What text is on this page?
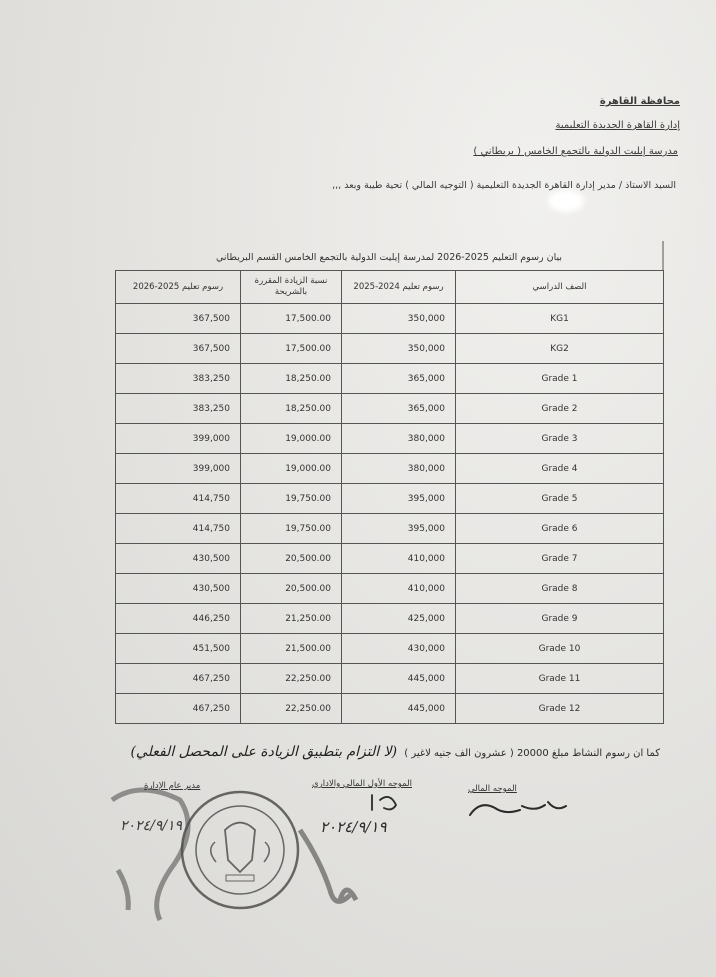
محافظة القاهرة
إدارة القاهرة الجديدة التعليمية
مدرسة إيليت الدولية بالتجمع الخامس ( بريطاني )
السيد الاستاذ / مدير إدارة القاهرة الجديدة التعليمية ( التوجيه المالي ) تحية طيبة وبعد ,,,
بيان رسوم التعليم 2025-2026 لمدرسة إيليت الدولية بالتجمع الخامس القسم البريطاني
رسوم تعليم 2025-2026	نسبة الزيادة المقررة بالشريحة	رسوم تعليم 2024-2025	الصف الدراسي
367,500	17,500.00	350,000	KG1
367,500	17,500.00	350,000	KG2
383,250	18,250.00	365,000	Grade 1
383,250	18,250.00	365,000	Grade 2
399,000	19,000.00	380,000	Grade 3
399,000	19,000.00	380,000	Grade 4
414,750	19,750.00	395,000	Grade 5
414,750	19,750.00	395,000	Grade 6
430,500	20,500.00	410,000	Grade 7
430,500	20,500.00	410,000	Grade 8
446,250	21,250.00	425,000	Grade 9
451,500	21,500.00	430,000	Grade 10
467,250	22,250.00	445,000	Grade 11
467,250	22,250.00	445,000	Grade 12
كما ان رسوم النشاط مبلغ 20000 ( عشرون الف جنيه لاغير ) (لا التزام بتطبيق الزيادة على المحصل الفعلي)
الموجه المالي
الموجه الأول المالي والاداري
مدير عام الإدارة
٢٠٢٤/٩/١٩
٢٠٢٤/٩/١٩
